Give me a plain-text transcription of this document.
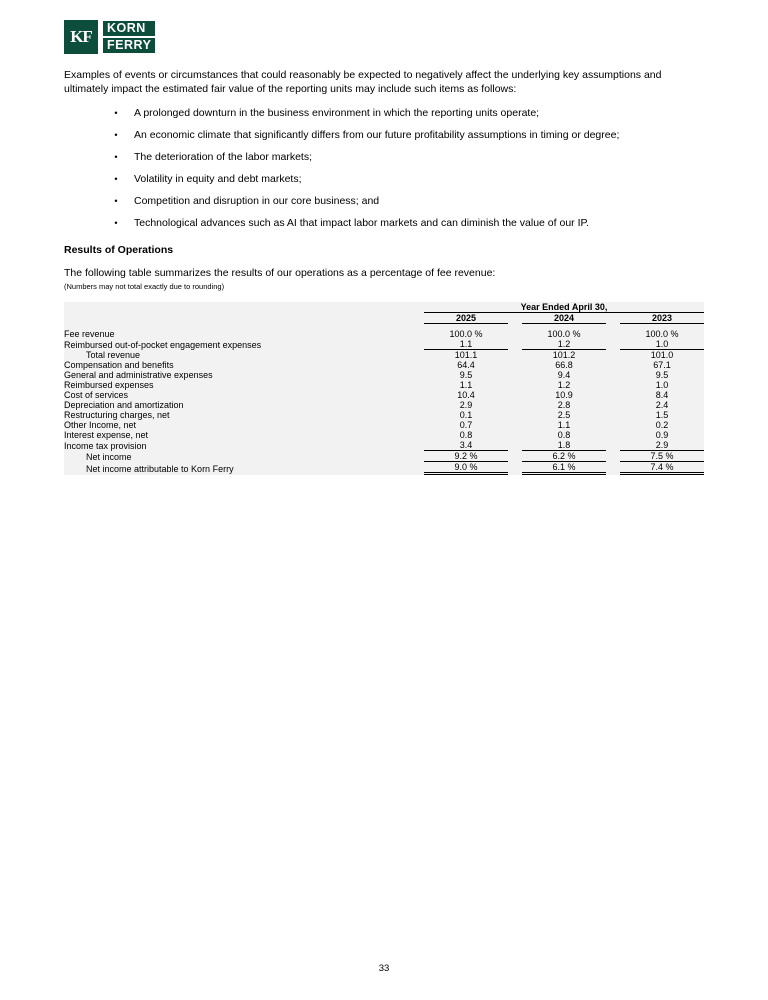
KF	KORN
FERRY

Examples of events or circumstances that could reasonably be expected to negatively affect the underlying key assumptions and ultimately impact the estimated fair value of the reporting units may include such items as follows:

•	A prolonged downturn in the business environment in which the reporting units operate;
•	An economic climate that significantly differs from our future profitability assumptions in timing or degree;
•	The deterioration of the labor markets;
•	Volatility in equity and debt markets;
•	Competition and disruption in our core business; and
•	Technological advances such as AI that impact labor markets and can diminish the value of our IP.
Results of Operations

The following table summarizes the results of our operations as a percentage of fee revenue:

(Numbers may not total exactly due to rounding)

		Year Ended April 30,				
		2025		2024		2023

Fee revenue		100.0 %		100.0 %		100.0 %
Reimbursed out-of-pocket engagement expenses		1.1		1.2		1.0
Total revenue		101.1		101.2		101.0
Compensation and benefits		64.4		66.8		67.1
General and administrative expenses		9.5		9.4		9.5
Reimbursed expenses		1.1		1.2		1.0
Cost of services		10.4		10.9		8.4
Depreciation and amortization		2.9		2.8		2.4
Restructuring charges, net		0.1		2.5		1.5
Other Income, net		0.7		1.1		0.2
Interest expense, net		0.8		0.8		0.9
Income tax provision		3.4		1.8		2.9
Net income		9.2 %		6.2 %		7.5 %
Net income attributable to Korn Ferry		9.0 %		6.1 %		7.4 %
33
